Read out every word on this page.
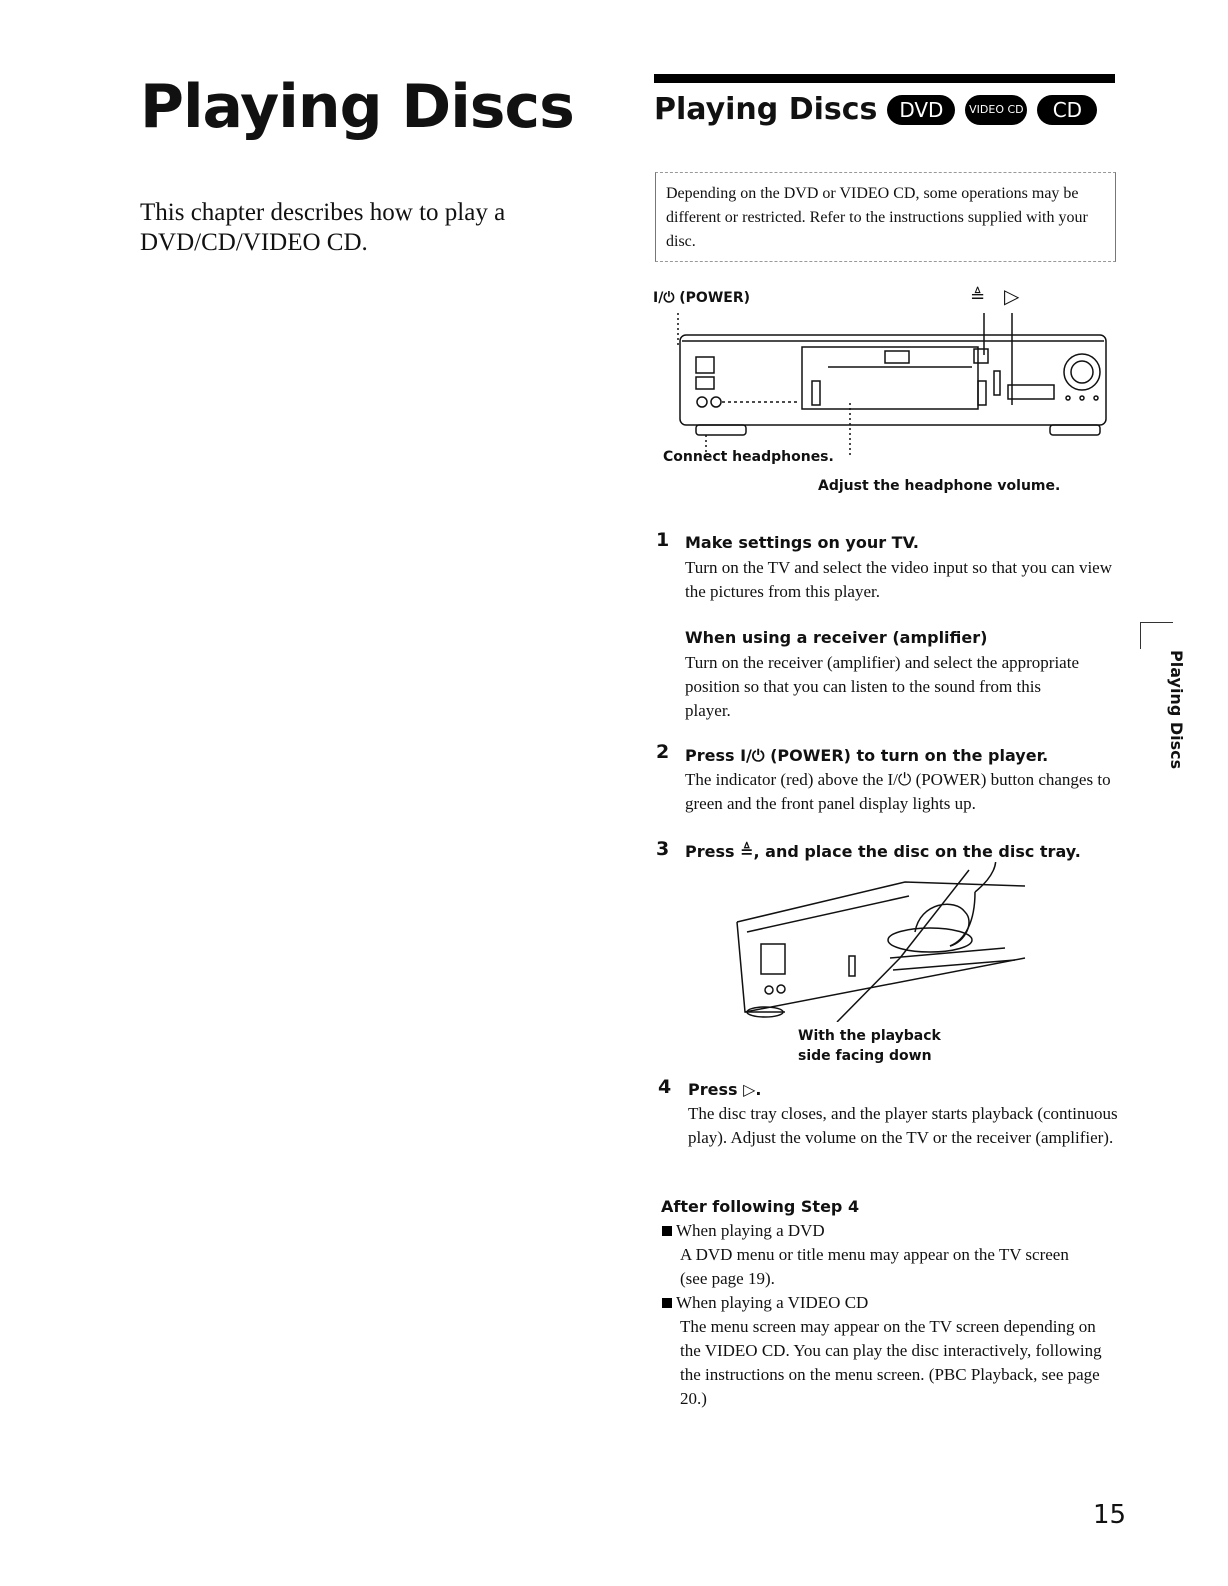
Playing Discs
This chapter describes how to play a DVD/CD/VIDEO CD.
Playing Discs	DVD	VIDEO CD	CD
Depending on the DVD or VIDEO CD, some operations may be different or restricted. Refer to the instructions supplied with your disc.
I/⏻ (POWER)	≜ ▷
Connect headphones.
Adjust the headphone volume.
1 Make settings on your TV.
Turn on the TV and select the video input so that you can view the pictures from this player.
When using a receiver (amplifier)
Turn on the receiver (amplifier) and select the appropriate position so that you can listen to the sound from this player.
2 Press I/⏻ (POWER) to turn on the player.
The indicator (red) above the I/⏻ (POWER) button changes to green and the front panel display lights up.
3 Press ≜, and place the disc on the disc tray.
With the playback side facing down
4 Press ▷.
The disc tray closes, and the player starts playback (continuous play). Adjust the volume on the TV or the receiver (amplifier).
After following Step 4
When playing a DVD
A DVD menu or title menu may appear on the TV screen (see page 19).
When playing a VIDEO CD
The menu screen may appear on the TV screen depending on the VIDEO CD. You can play the disc interactively, following the instructions on the menu screen. (PBC Playback, see page 20.)
Playing Discs
15
